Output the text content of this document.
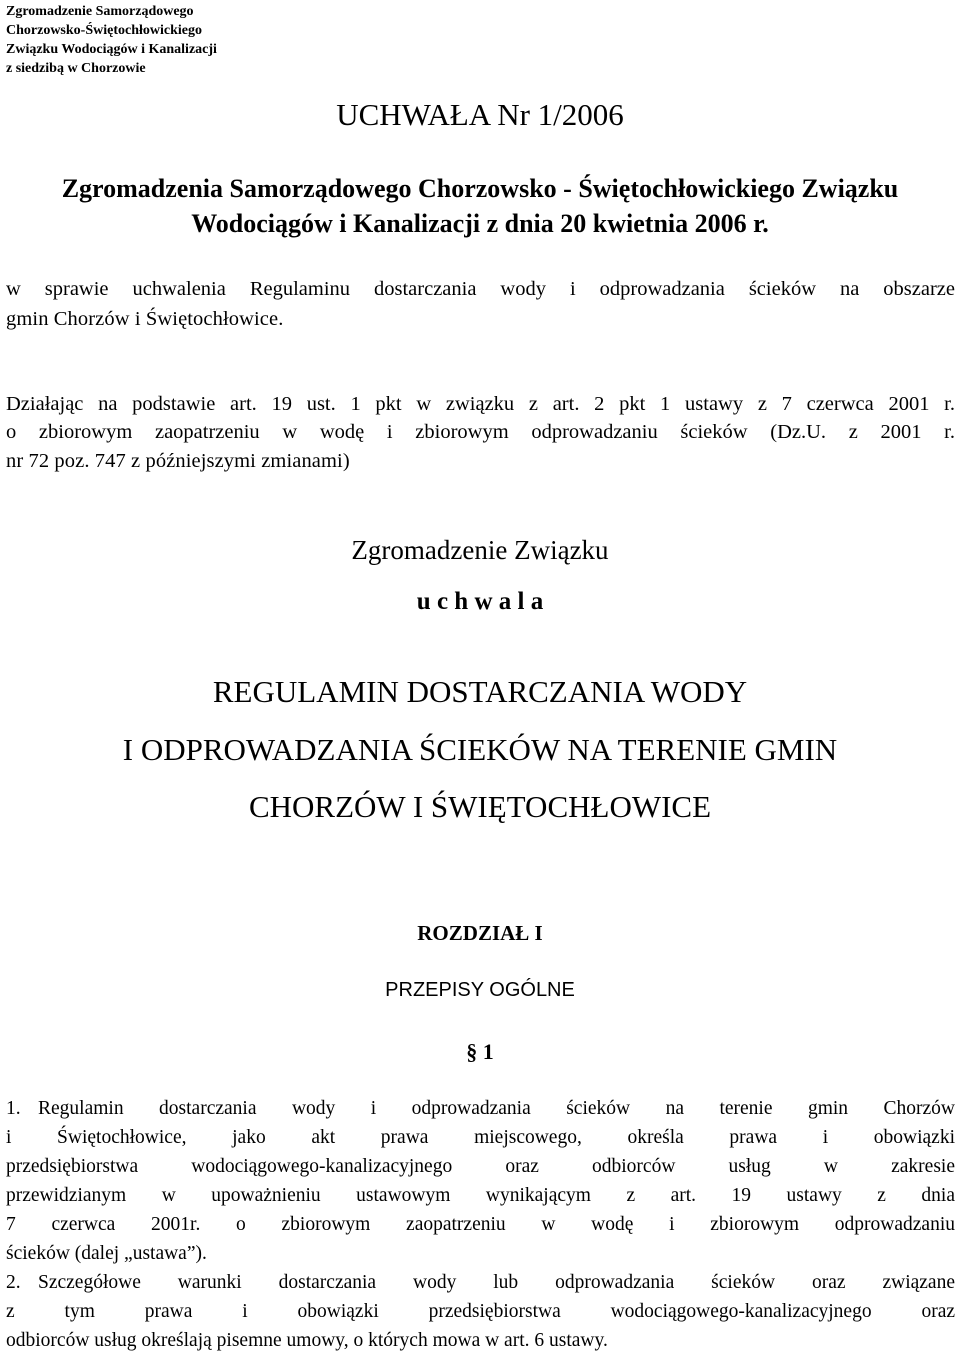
Zgromadzenie Samorządowego
Chorzowsko-Świętochłowickiego
Związku Wodociągów i Kanalizacji
z siedzibą w Chorzowie
UCHWAŁA Nr 1/2006
Zgromadzenia Samorządowego Chorzowsko - Świętochłowickiego Związku
Wodociągów i Kanalizacji z dnia 20 kwietnia 2006 r.
w sprawie uchwalenia Regulaminu dostarczania wody i odprowadzania ścieków na obszarze
gmin Chorzów i Świętochłowice.
Działając na podstawie art. 19 ust. 1 pkt w związku z art. 2 pkt 1 ustawy z 7 czerwca 2001 r.
o zbiorowym zaopatrzeniu w wodę i zbiorowym odprowadzaniu ścieków (Dz.U. z 2001 r.
nr 72 poz. 747 z późniejszymi zmianami)
Zgromadzenie Związku
u c h w a l a
REGULAMIN DOSTARCZANIA WODY
I ODPROWADZANIA ŚCIEKÓW NA TERENIE GMIN
CHORZÓW I ŚWIĘTOCHŁOWICE
ROZDZIAŁ I
PRZEPISY OGÓLNE
§ 1
1. Regulamin dostarczania wody i odprowadzania ścieków na terenie gmin Chorzów
i Świętochłowice, jako akt prawa miejscowego, określa prawa i obowiązki
przedsiębiorstwa wodociągowego-kanalizacyjnego oraz odbiorców usług w zakresie
przewidzianym w upoważnieniu ustawowym wynikającym z art. 19 ustawy z dnia
7 czerwca 2001r. o zbiorowym zaopatrzeniu w wodę i zbiorowym odprowadzaniu
ścieków (dalej „ustawa”).
2. Szczegółowe warunki dostarczania wody lub odprowadzania ścieków oraz związane
z tym prawa i obowiązki przedsiębiorstwa wodociągowego-kanalizacyjnego oraz
odbiorców usług określają pisemne umowy, o których mowa w art. 6 ustawy.
